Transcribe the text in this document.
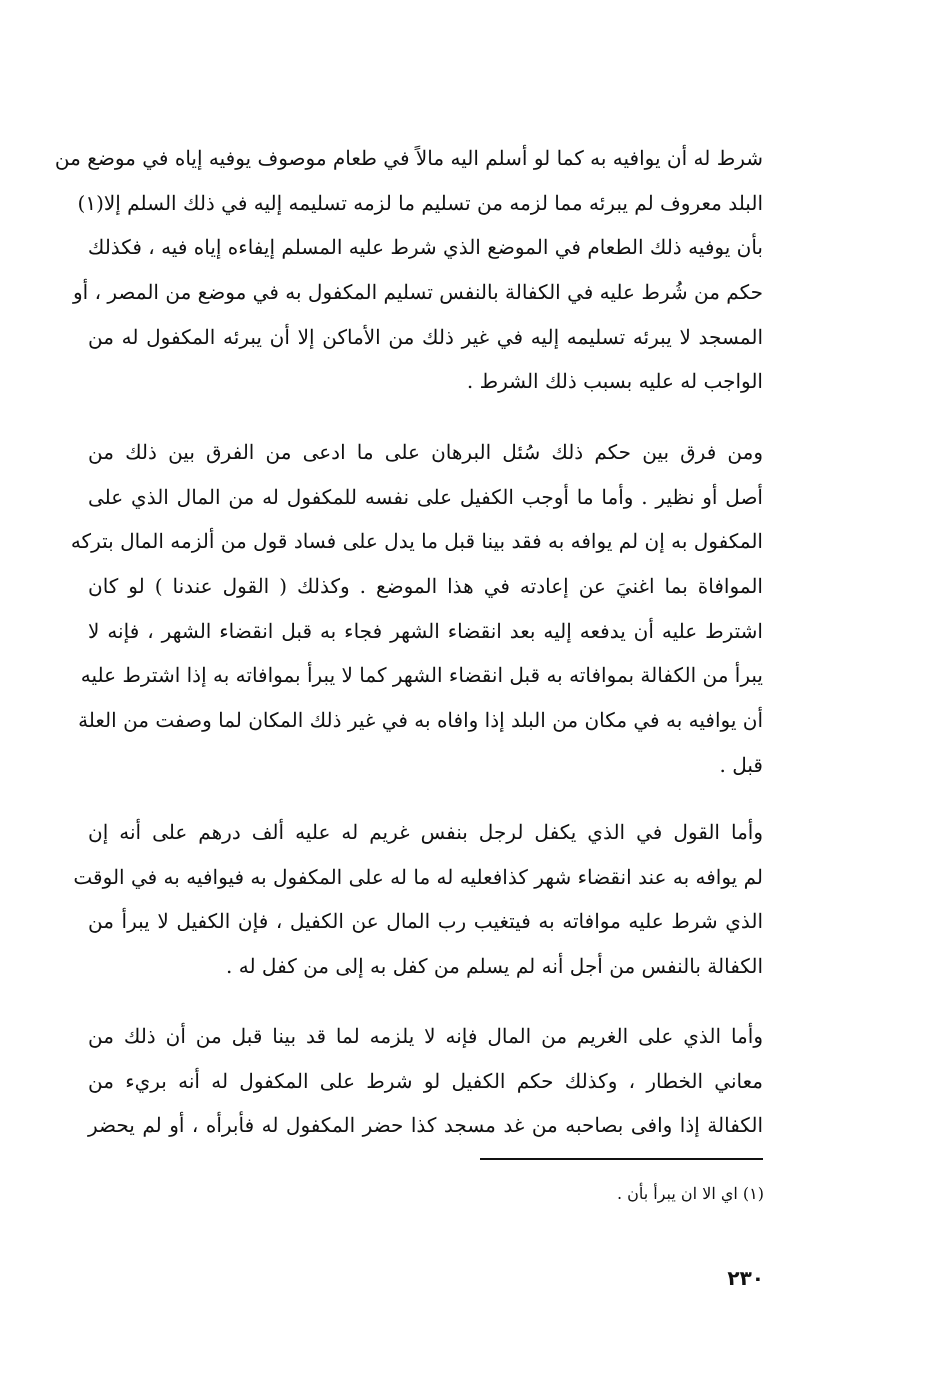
شرط له أن يوافيه به كما لو أسلم اليه مالاً في طعام موصوف يوفيه إياه في موضع من
البلد معروف لم يبرئه مما لزمه من تسليم ما لزمه تسليمه إليه في ذلك السلم إلا(١)
بأن يوفيه ذلك الطعام في الموضع الذي شرط عليه المسلم إيفاءه إياه فيه ، فكذلك
حكم من شُرط عليه في الكفالة بالنفس تسليم المكفول به في موضع من المصر ، أو
المسجد لا يبرئه تسليمه إليه في غير ذلك من الأماكن إلا أن يبرئه المكفول له من
الواجب له عليه بسبب ذلك الشرط .
ومن فرق بين حكم ذلك سُئل البرهان على ما ادعى من الفرق بين ذلك من
أصل أو نظير . وأما ما أوجب الكفيل على نفسه للمكفول له من المال الذي على
المكفول به إن لم يوافه به فقد بينا قبل ما يدل على فساد قول من ألزمه المال بتركه
الموافاة بما اغنيَ عن إعادته في هذا الموضع . وكذلك ( القول عندنا ) لو كان
اشترط عليه أن يدفعه إليه بعد انقضاء الشهر فجاء به قبل انقضاء الشهر ، فإنه لا
يبرأ من الكفالة بموافاته به قبل انقضاء الشهر كما لا يبرأ بموافاته به إذا اشترط عليه
أن يوافيه به في مكان من البلد إذا وافاه به في غير ذلك المكان لما وصفت من العلة
قبل .
وأما القول في الذي يكفل لرجل بنفس غريم له عليه ألف درهم على أنه إن
لم يوافه به عند انقضاء شهر كذافعليه له ما له على المكفول به فيوافيه به في الوقت
الذي شرط عليه موافاته به فيتغيب رب المال عن الكفيل ، فإن الكفيل لا يبرأ من
الكفالة بالنفس من أجل أنه لم يسلم من كفل به إلى من كفل له .
وأما الذي على الغريم من المال فإنه لا يلزمه لما قد بينا قبل من أن ذلك من
معاني الخطار ، وكذلك حكم الكفيل لو شرط على المكفول له أنه بريء من
الكفالة إذا وافى بصاحبه من غد مسجد كذا حضر المكفول له فأبرأه ، أو لم يحضر
(١) اي الا ان يبرأ بأن .
٢٣٠
